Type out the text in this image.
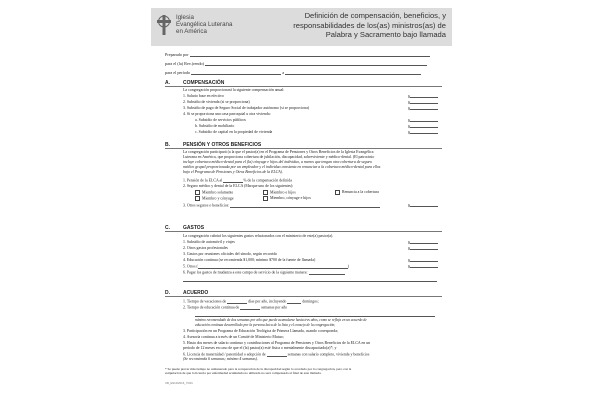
Iglesia
Evangélica Luterana
en América
Definición de compensación, beneficios, y
responsabilidades de los(as) ministros(as) de
Palabra y Sacramento bajo llamada
Preparado por
para el (la) Rev.(rendo)
para el período	a
A.	COMPENSACIÓN
La congregación proporcionará la siguiente compensación anual:
1. Salario base en efectivo	$
2. Subsidio de vivienda (si se proporciona)	$
3. Subsidio de pago de Seguro Social de trabajador autónomo (si se proporciona)	$
4. Si se proporciona una casa parroquial u otra vivienda:
a. Subsidio de servicios públicos	$
b. Subsidio de mobiliario	$
c. Subsidio de capital en la propiedad de vivienda	$
B.	PENSIÓN Y OTROS BENEFICIOS
La congregación participará (a la que el pastor(a) en el Programa de Pensiones y Otros Beneficios de la Iglesia Evangélica
Luterana en América, que proporciona cobertura de jubilación, discapacidad, sobreviviente y médico-dental. (El patrocinio
incluye cobertura médico-dental para el (la) cónyuge e hijos del individuo, a menos que tengan otra cobertura de seguro
médico grupal proporcionada por un empleador y el individuo consienta en renunciar a la cobertura médico-dental para ellos
bajo el Programa de Pensiones y Otros Beneficios de la ELCA).
1. Pensión de la ELCA al	% de la compensación definida
2. Seguro médico y dental de la ELCA (Marque uno de los siguientes):
Miembro solamente	Miembro e hijos	Renuncia a la cobertura
Miembro y cónyuge	Miembro, cónyuge e hijos
3. Otros seguros o beneficios:	$
C.	GASTOS
La congregación cubrirá los siguientes gastos relacionados con el ministerio de este(a) pastor(a).
1. Subsidio de automóvil y viajes	$
2. Otros gastos profesionales	$
3. Gastos por reuniones oficiales del sínodo, según recorrido
4. Educación continua (se recomienda $1,000; mínimo $700 de la fuente de llamada)	$
5. Otros (	)	$
6. Pagar los gastos de mudanza a este campo de servicio de la siguiente manera:
D.	ACUERDO
1. Tiempo de vacaciones de	días por año, incluyendo	domingos;
2. Tiempo de educación continua de	semanas por año
mínimo recomendado de dos semanas por año que puede acumularse hasta tres años, como se refleja en un acuerdo de
educación continua desarrollado por la persona laica de la lista y el consejo de la congregación;
3. Participación en un Programa de Educación Teológica de Primera Llamada, cuando corresponda;
4. Asesoría continua a través de un Comité de Ministerio Mutuo;
5. Hasta dos meses de salario continuo y contribuciones al Programa de Pensiones y Otros Beneficios de la ELCA en un
período de 12 meses en caso de que el (la) pastor(a) esté física o mentalmente discapacitado(a)*; y
6. Licencia de maternidad / paternidad o adopción de	semanas con salario completo, vivienda y beneficios
(Se recomienda 6 semanas; mínimo 4 semanas).
* Se puede prever más tiempo no remunerado para la recuperación de la discapacidad según lo acordado por la congregación, pero con la
estipulación de que la licencia por enfermedad acumulada no utilizada no será compensada al final de esta llamada.
CB_ES10/2016_7/001
